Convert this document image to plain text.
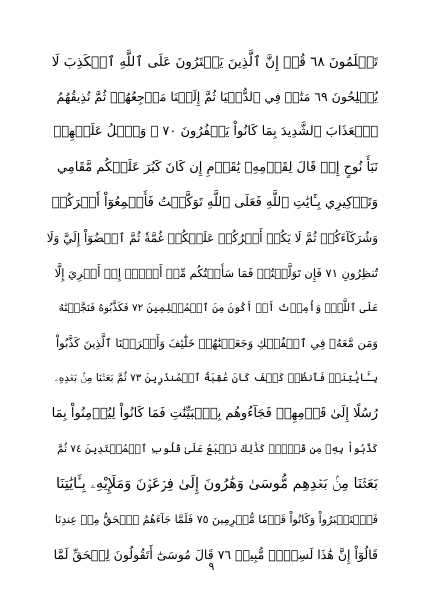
تَعۡلَمُونَ ٦٨ قُلۡ إِنَّ ٱلَّذِينَ يَفۡتَرُونَ عَلَى ٱللَّهِ ٱلۡكَذِبَ لَا
يُفۡلِحُونَ ٦٩ مَتَٰعٞ فِي ٱلدُّنۡيَا ثُمَّ إِلَيۡنَا مَرۡجِعُهُمۡ ثُمَّ نُذِيقُهُمُ
ٱلۡعَذَابَ ٱلشَّدِيدَ بِمَا كَانُواْ يَكۡفُرُونَ ٧٠ ۞ وَٱتۡلُ عَلَيۡهِمۡ
نَبَأَ نُوحٍ إِذۡ قَالَ لِقَوۡمِهِۦ يَٰقَوۡمِ إِن كَانَ كَبُرَ عَلَيۡكُم مَّقَامِي
وَتَذۡكِيرِي بِـَٔايَٰتِ ٱللَّهِ فَعَلَى ٱللَّهِ تَوَكَّلۡتُ فَأَجۡمِعُوٓاْ أَمۡرَكُمۡ
وَشُرَكَآءَكُمۡ ثُمَّ لَا يَكُنۡ أَمۡرُكُمۡ عَلَيۡكُمۡ غُمَّةٗ ثُمَّ ٱقۡضُوٓاْ إِلَيَّ وَلَا
تُنظِرُونِ ٧١ فَإِن تَوَلَّيۡتُمۡ فَمَا سَأَلۡتُكُم مِّنۡ أَجۡرٍۖ إِنۡ أَجۡرِيَ إِلَّا
عَلَى ٱللَّهِۖ وَأُمِرۡتُ أَنۡ أَكُونَ مِنَ ٱلۡمُسۡلِمِينَ ٧٢ فَكَذَّبُوهُ فَنَجَّيۡنَٰهُ
وَمَن مَّعَهُۥ فِي ٱلۡفُلۡكِ وَجَعَلۡنَٰهُمۡ خَلَٰٓئِفَ وَأَغۡرَقۡنَا ٱلَّذِينَ كَذَّبُواْ
بِـَٔايَٰتِنَاۖ فَٱنظُرۡ كَيۡفَ كَانَ عَٰقِبَةُ ٱلۡمُنذَرِينَ ٧٣ ثُمَّ بَعَثۡنَا مِنۢ بَعۡدِهِۦ
رُسُلًا إِلَىٰ قَوۡمِهِمۡ فَجَآءُوهُم بِٱلۡبَيِّنَٰتِ فَمَا كَانُواْ لِيُؤۡمِنُواْ بِمَا
كَذَّبُواْ بِهِۦ مِن قَبۡلُۚ كَذَٰلِكَ نَطۡبَعُ عَلَىٰ قُلُوبِ ٱلۡمُعۡتَدِينَ ٧٤ ثُمَّ
بَعَثۡنَا مِنۢ بَعۡدِهِم مُّوسَىٰ وَهَٰرُونَ إِلَىٰ فِرۡعَوۡنَ وَمَلَإِيْهِۦ بِـَٔايَٰتِنَا
فَٱسۡتَكۡبَرُواْ وَكَانُواْ قَوۡمٗا مُّجۡرِمِينَ ٧٥ فَلَمَّا جَآءَهُمُ ٱلۡحَقُّ مِنۡ عِندِنَا
قَالُوٓاْ إِنَّ هَٰذَا لَسِحۡرٞ مُّبِينٞ ٧٦ قَالَ مُوسَىٰٓ أَتَقُولُونَ لِلۡحَقِّ لَمَّا
٩
